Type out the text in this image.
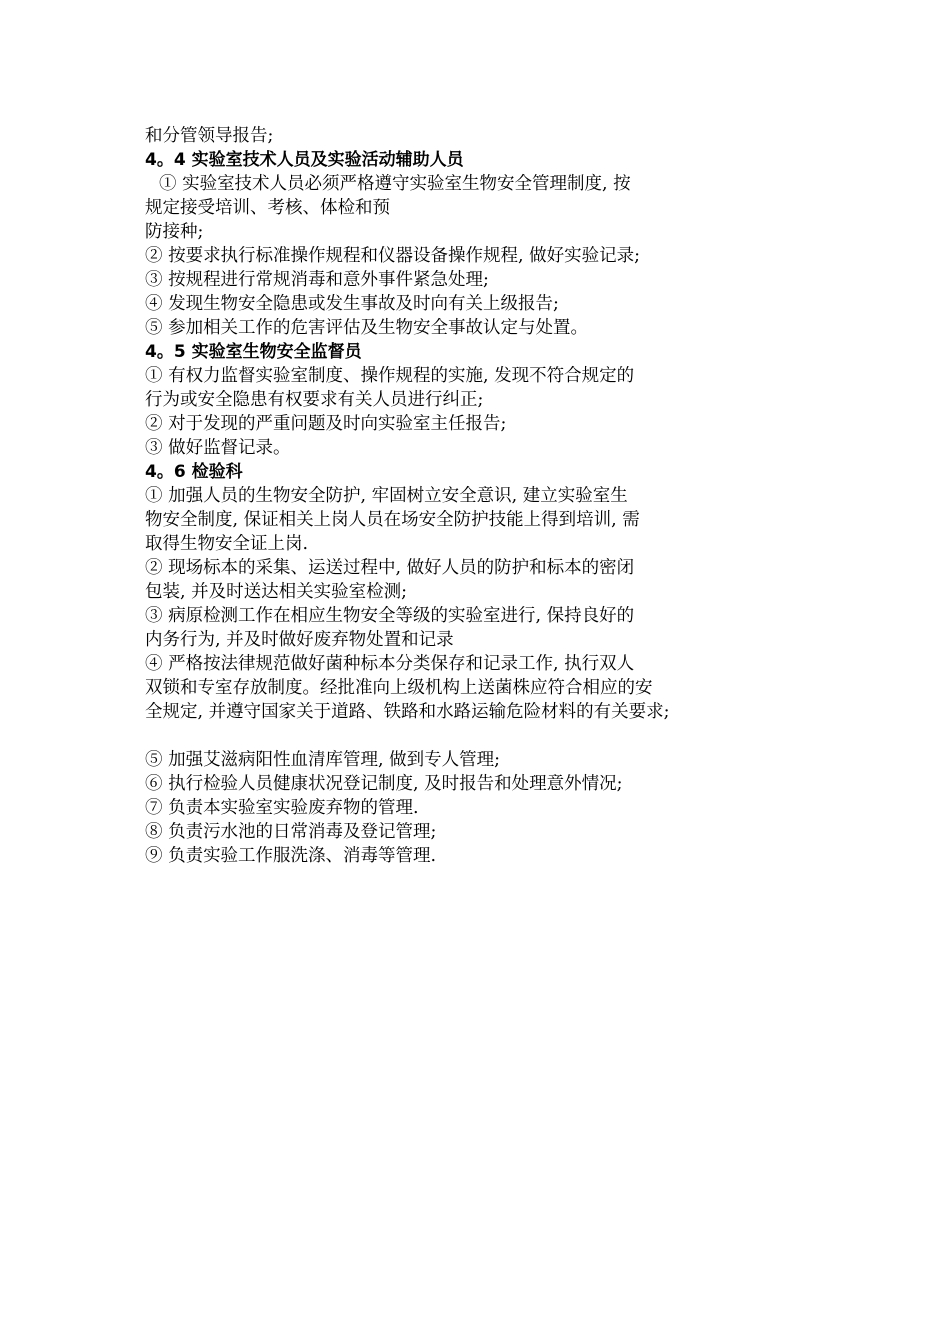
和分管领导报告;
4。4 实验室技术人员及实验活动辅助人员
① 实验室技术人员必须严格遵守实验室生物安全管理制度, 按
规定接受培训、考核、体检和预
防接种;
② 按要求执行标准操作规程和仪器设备操作规程, 做好实验记录;
③ 按规程进行常规消毒和意外事件紧急处理;
④ 发现生物安全隐患或发生事故及时向有关上级报告;
⑤ 参加相关工作的危害评估及生物安全事故认定与处置。
4。5 实验室生物安全监督员
① 有权力监督实验室制度、操作规程的实施, 发现不符合规定的
行为或安全隐患有权要求有关人员进行纠正;
② 对于发现的严重问题及时向实验室主任报告;
③ 做好监督记录。
4。6 检验科
① 加强人员的生物安全防护, 牢固树立安全意识, 建立实验室生
物安全制度, 保证相关上岗人员在场安全防护技能上得到培训, 需
取得生物安全证上岗.
② 现场标本的采集、运送过程中, 做好人员的防护和标本的密闭
包装, 并及时送达相关实验室检测;
③ 病原检测工作在相应生物安全等级的实验室进行, 保持良好的
内务行为, 并及时做好废弃物处置和记录
④ 严格按法律规范做好菌种标本分类保存和记录工作, 执行双人
双锁和专室存放制度。经批准向上级机构上送菌株应符合相应的安
全规定, 并遵守国家关于道路、铁路和水路运输危险材料的有关要求;
⑤ 加强艾滋病阳性血清库管理, 做到专人管理;
⑥ 执行检验人员健康状况登记制度, 及时报告和处理意外情况;
⑦ 负责本实验室实验废弃物的管理.
⑧ 负责污水池的日常消毒及登记管理;
⑨ 负责实验工作服洗涤、消毒等管理.
